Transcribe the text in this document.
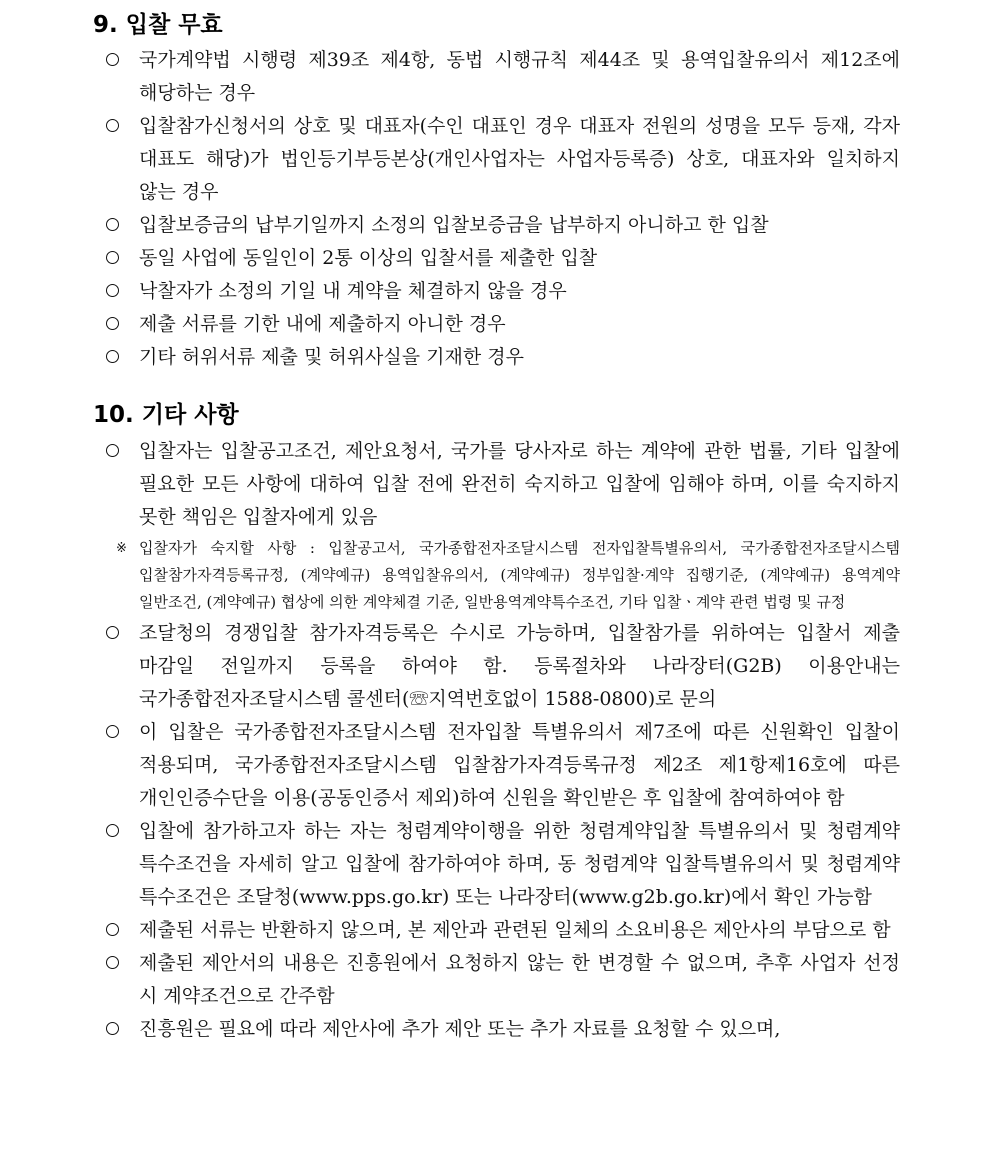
9. 입찰 무효
국가계약법 시행령 제39조 제4항, 동법 시행규칙 제44조 및 용역입찰유의서 제12조에 해당하는 경우
입찰참가신청서의 상호 및 대표자(수인 대표인 경우 대표자 전원의 성명을 모두 등재, 각자 대표도 해당)가 법인등기부등본상(개인사업자는 사업자등록증) 상호, 대표자와 일치하지 않는 경우
입찰보증금의 납부기일까지 소정의 입찰보증금을 납부하지 아니하고 한 입찰
동일 사업에 동일인이 2통 이상의 입찰서를 제출한 입찰
낙찰자가 소정의 기일 내 계약을 체결하지 않을 경우
제출 서류를 기한 내에 제출하지 아니한 경우
기타 허위서류 제출 및 허위사실을 기재한 경우
10. 기타 사항
입찰자는 입찰공고조건, 제안요청서, 국가를 당사자로 하는 계약에 관한 법률, 기타 입찰에 필요한 모든 사항에 대하여 입찰 전에 완전히 숙지하고 입찰에 임해야 하며, 이를 숙지하지 못한 책임은 입찰자에게 있음
※ 입찰자가 숙지할 사항 : 입찰공고서, 국가종합전자조달시스템 전자입찰특별유의서, 국가종합전자조달시스템 입찰참가자격등록규정, (계약예규) 용역입찰유의서, (계약예규) 정부입찰·계약 집행기준, (계약예규) 용역계약 일반조건, (계약예규) 협상에 의한 계약체결 기준, 일반용역계약특수조건, 기타 입찰ㆍ계약 관련 법령 및 규정
조달청의 경쟁입찰 참가자격등록은 수시로 가능하며, 입찰참가를 위하여는 입찰서 제출 마감일 전일까지 등록을 하여야 함. 등록절차와 나라장터(G2B) 이용안내는 국가종합전자조달시스템 콜센터(☏지역번호없이 1588-0800)로 문의
이 입찰은 국가종합전자조달시스템 전자입찰 특별유의서 제7조에 따른 신원확인 입찰이 적용되며, 국가종합전자조달시스템 입찰참가자격등록규정 제2조 제1항제16호에 따른 개인인증수단을 이용(공동인증서 제외)하여 신원을 확인받은 후 입찰에 참여하여야 함
입찰에 참가하고자 하는 자는 청렴계약이행을 위한 청렴계약입찰 특별유의서 및 청렴계약 특수조건을 자세히 알고 입찰에 참가하여야 하며, 동 청렴계약 입찰특별유의서 및 청렴계약 특수조건은 조달청(www.pps.go.kr) 또는 나라장터(www.g2b.go.kr)에서 확인 가능함
제출된 서류는 반환하지 않으며, 본 제안과 관련된 일체의 소요비용은 제안사의 부담으로 함
제출된 제안서의 내용은 진흥원에서 요청하지 않는 한 변경할 수 없으며, 추후 사업자 선정 시 계약조건으로 간주함
진흥원은 필요에 따라 제안사에 추가 제안 또는 추가 자료를 요청할 수 있으며,
